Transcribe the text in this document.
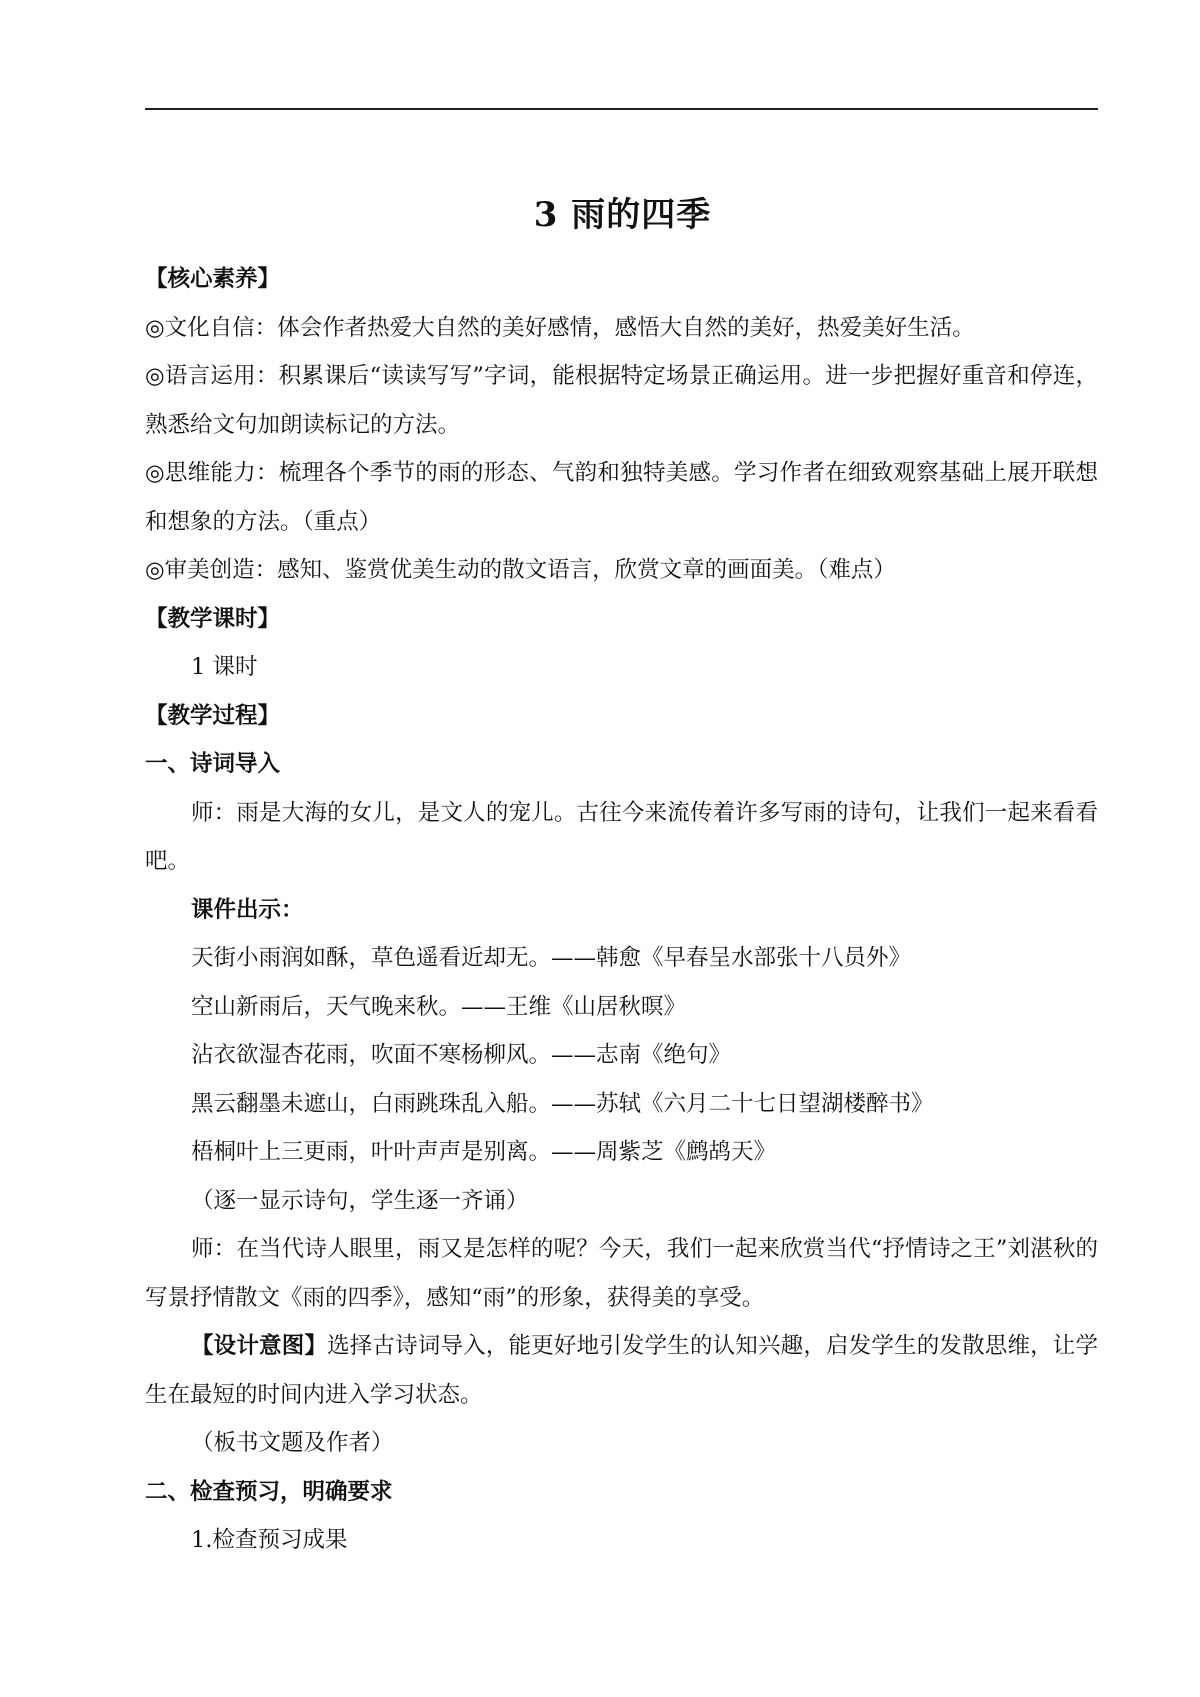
3 雨的四季

【核心素养】

◎文化自信：体会作者热爱大自然的美好感情，感悟大自然的美好，热爱美好生活。

◎语言运用：积累课后“读读写写”字词，能根据特定场景正确运用。进一步把握好重音和停连，熟悉给文句加朗读标记的方法。

◎思维能力：梳理各个季节的雨的形态、气韵和独特美感。学习作者在细致观察基础上展开联想和想象的方法。（重点）

◎审美创造：感知、鉴赏优美生动的散文语言，欣赏文章的画面美。（难点）

【教学课时】

1 课时

【教学过程】

一、诗词导入

师：雨是大海的女儿，是文人的宠儿。古往今来流传着许多写雨的诗句，让我们一起来看看吧。

课件出示：

天街小雨润如酥，草色遥看近却无。——韩愈《早春呈水部张十八员外》

空山新雨后，天气晚来秋。——王维《山居秋暝》

沾衣欲湿杏花雨，吹面不寒杨柳风。——志南《绝句》

黑云翻墨未遮山，白雨跳珠乱入船。——苏轼《六月二十七日望湖楼醉书》

梧桐叶上三更雨，叶叶声声是别离。——周紫芝《鹧鸪天》

（逐一显示诗句，学生逐一齐诵）

师：在当代诗人眼里，雨又是怎样的呢？今天，我们一起来欣赏当代“抒情诗之王”刘湛秋的写景抒情散文《雨的四季》，感知“雨”的形象，获得美的享受。

【设计意图】选择古诗词导入，能更好地引发学生的认知兴趣，启发学生的发散思维，让学生在最短的时间内进入学习状态。

（板书文题及作者）

二、检查预习，明确要求

1.检查预习成果
